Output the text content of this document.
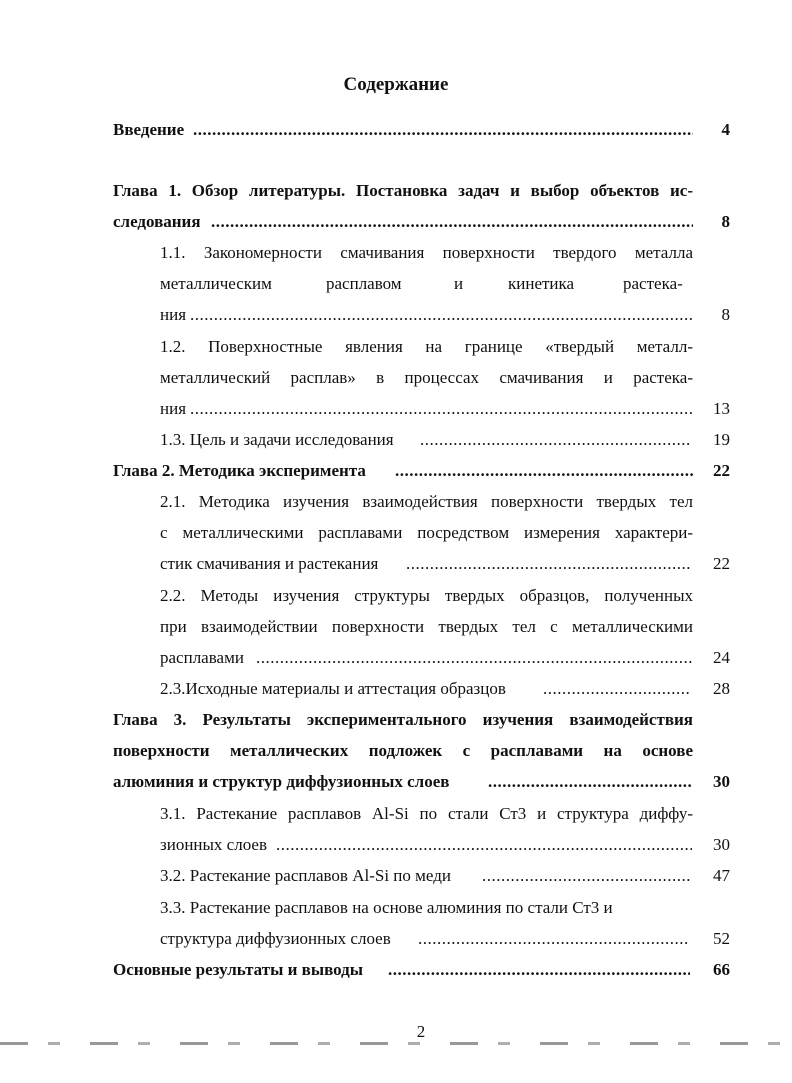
Содержание
Введение .....	4
Глава 1. Обзор литературы. Постановка задач и выбор объектов ис-
следования .....	8
1.1. Закономерности смачивания поверхности твердого металла
металлическим	расплавом	и	кинетика	растека-
ния .....	8
1.2. Поверхностные явления на границе «твердый металл-
металлический расплав» в процессах смачивания и растека-
ния .....	13
1.3. Цель и задачи исследования .....	19
Глава 2. Методика эксперимента .....	22
2.1. Методика изучения взаимодействия поверхности твердых тел
с металлическими расплавами посредством измерения характери-
стик смачивания и растекания .....	22
2.2. Методы изучения структуры твердых образцов, полученных
при взаимодействии поверхности твердых тел с металлическими
расплавами .....	24
2.3.Исходные материалы и аттестация образцов .....	28
Глава 3. Результаты экспериментального изучения взаимодействия
поверхности металлических подложек с расплавами на основе
алюминия и структур диффузионных слоев .....	30
3.1. Растекание расплавов Al-Si по стали Ст3 и структура диффу-
зионных слоев .....	30
3.2. Растекание расплавов Al-Si по меди .....	47
3.3. Растекание расплавов на основе алюминия по стали Ст3 и
структура диффузионных слоев .....	52
Основные результаты и выводы .....	66
2
